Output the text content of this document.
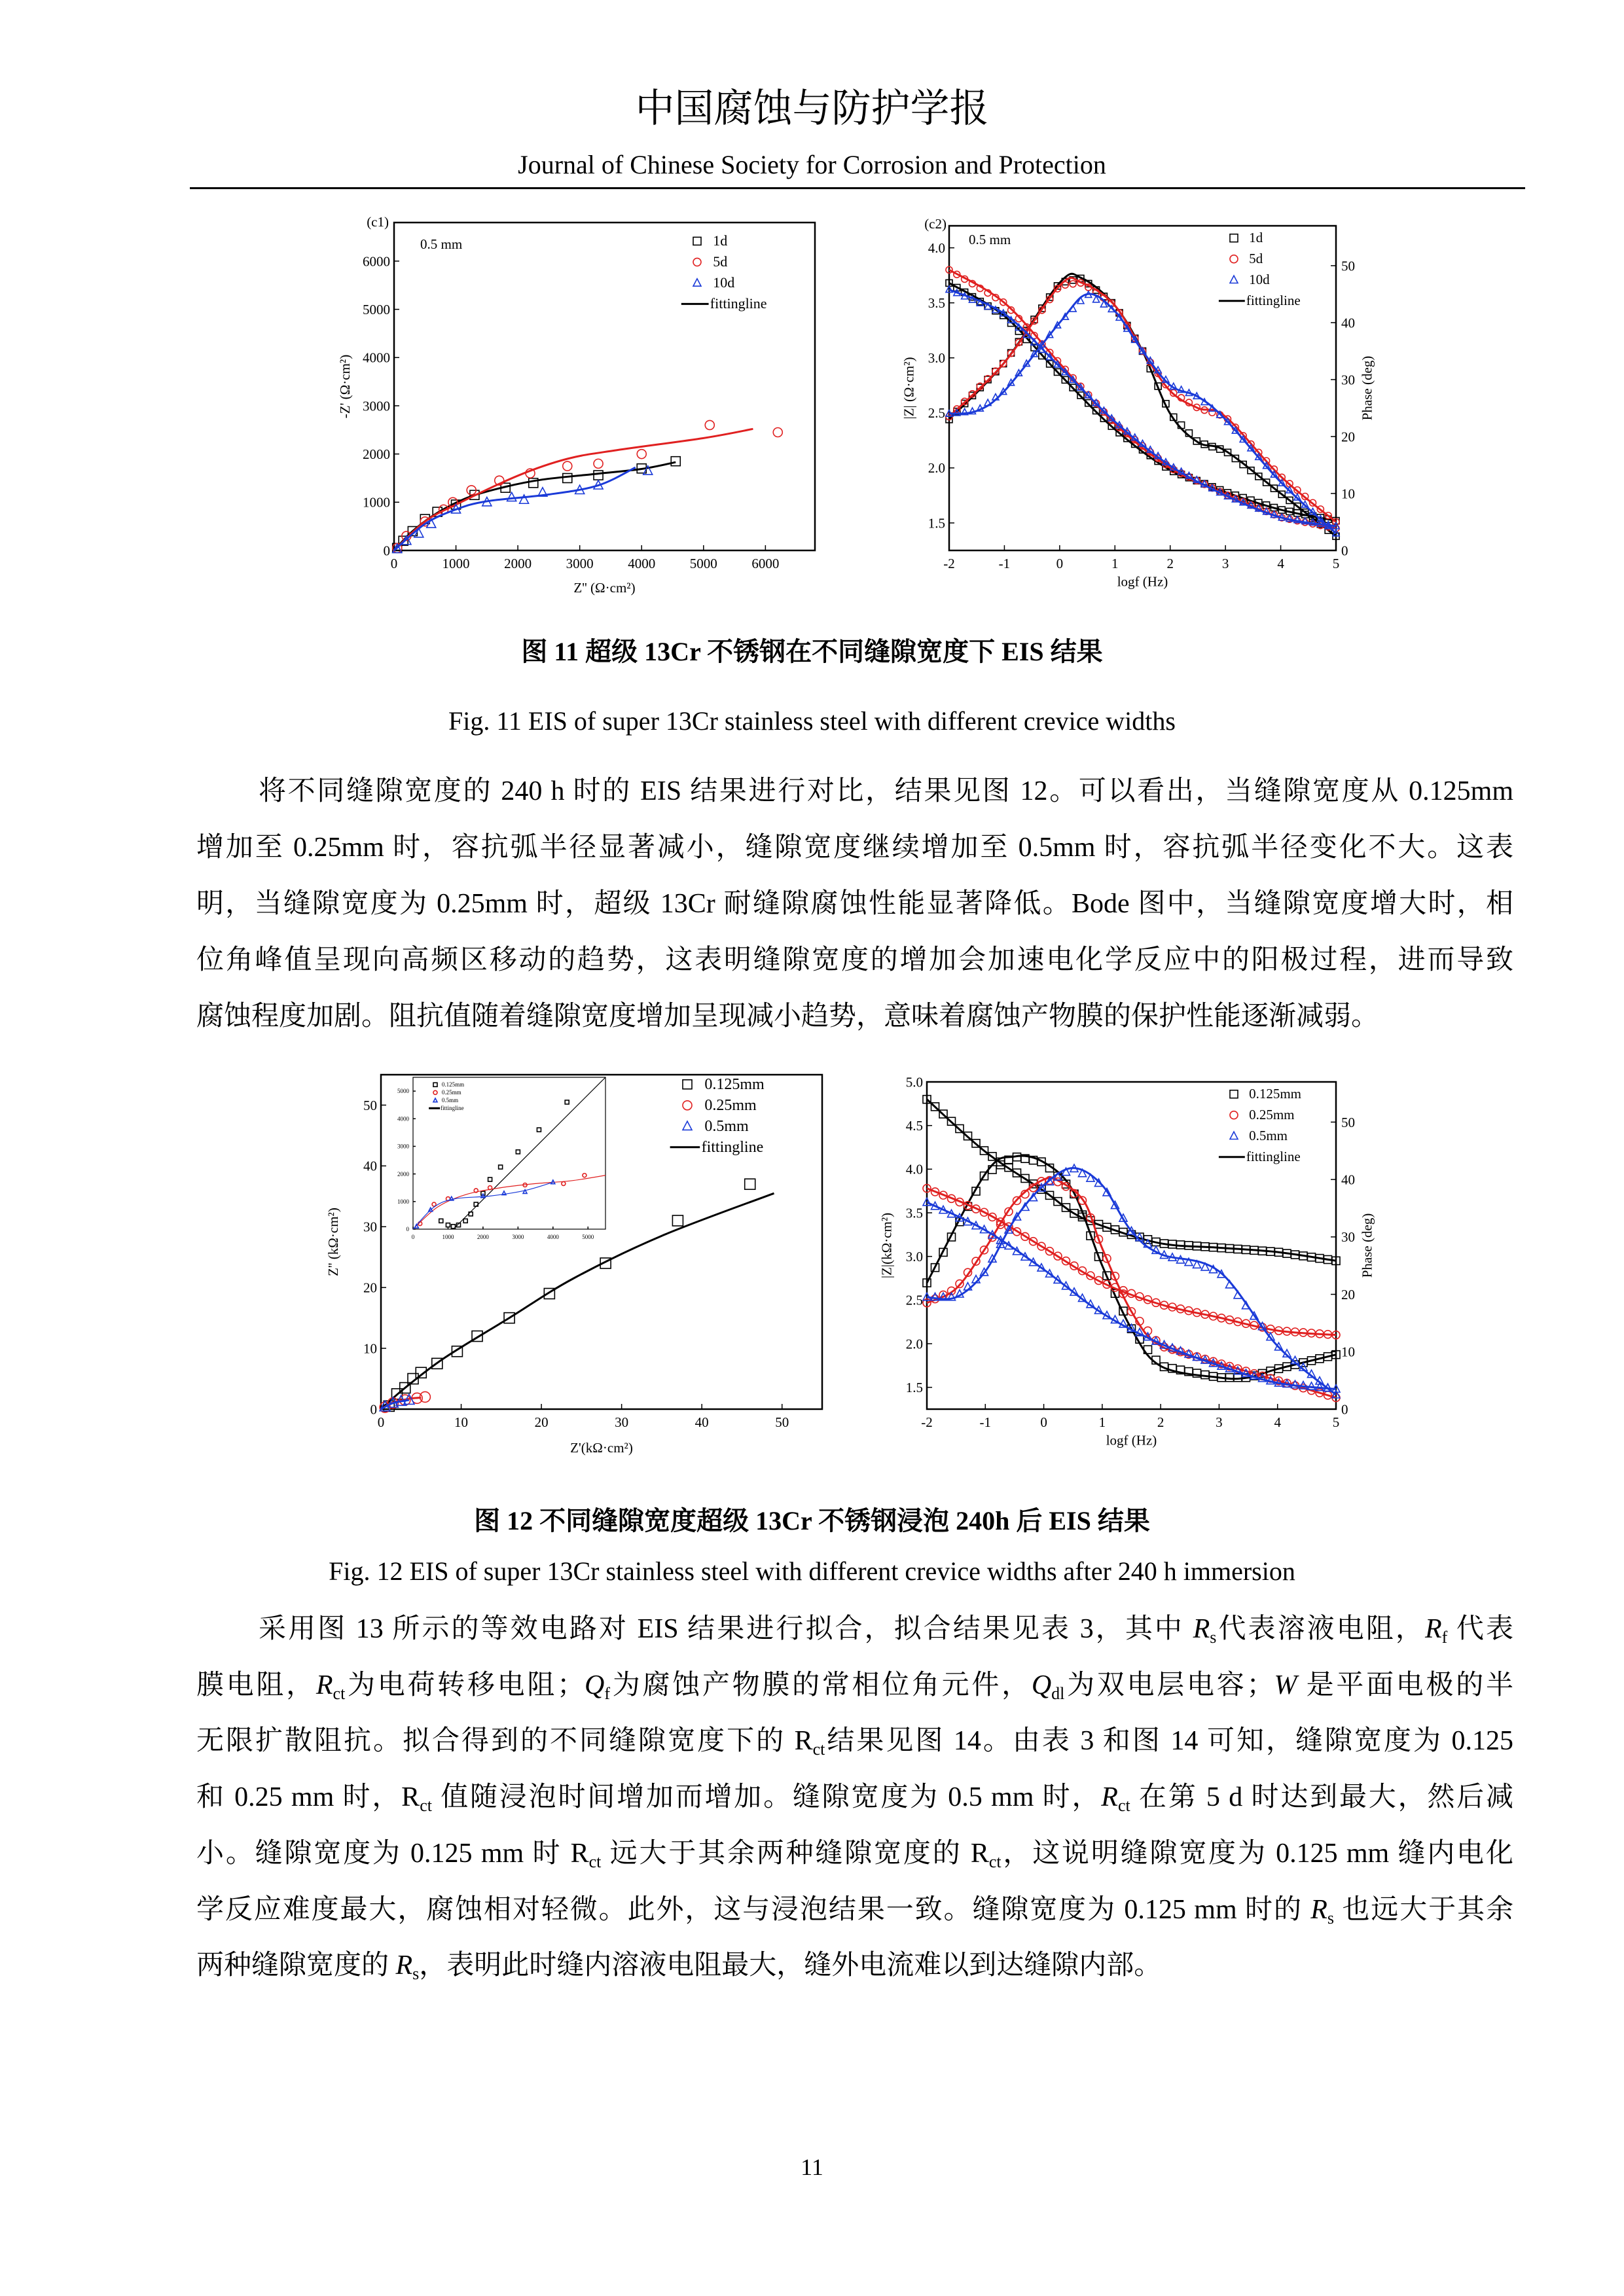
中国腐蚀与防护学报
Journal of Chinese Society for Corrosion and Protection
0	1000	2000	3000	4000	5000	6000
0
1000
2000
3000
4000
5000
6000
(c1)
0.5 mm
Z'' (Ω·cm²)
-Z' (Ω·cm²)
1d
5d
10d
fittingline
-2	-1	0	1	2	3	4	5
1.5
2.0
2.5
3.0
3.5
4.0
0
10
20
30
40
50
logf (Hz)
|Z| (Ω·cm²)	Phase (deg)
(c2)
0.5 mm	1d
5d
10d
fittingline
图 11 超级 13Cr 不锈钢在不同缝隙宽度下 EIS 结果
Fig. 11 EIS of super 13Cr stainless steel with different crevice widths
将不同缝隙宽度的 240 h 时的 EIS 结果进行对比，结果见图 12。可以看出，当缝隙宽度从 0.125mm
增加至 0.25mm 时，容抗弧半径显著减小，缝隙宽度继续增加至 0.5mm 时，容抗弧半径变化不大。这表
明，当缝隙宽度为 0.25mm 时，超级 13Cr 耐缝隙腐蚀性能显著降低。Bode 图中，当缝隙宽度增大时，相
位角峰值呈现向高频区移动的趋势，这表明缝隙宽度的增加会加速电化学反应中的阳极过程，进而导致
腐蚀程度加剧。阻抗值随着缝隙宽度增加呈现减小趋势，意味着腐蚀产物膜的保护性能逐渐减弱。
0	10	20	30	40	50
0
10
20
30
40
50
Z'(kΩ·cm²)
Z'' (kΩ·cm²)
0.125mm
0.25mm
0.5mm
fittingline
0	1000	2000	3000	4000	5000
0
1000
2000
3000
4000
5000
0.125mm
0.25mm
0.5mm
fittingline
-2	-1	0	1	2	3	4	5
1.5
2.0
2.5
3.0
3.5
4.0
4.5
5.0
0
10
20
30
40
50
logf (Hz)
|Z|(kΩ·cm²)	Phase (deg)
0.125mm
0.25mm
0.5mm
fittingline
图 12 不同缝隙宽度超级 13Cr 不锈钢浸泡 240h 后 EIS 结果
Fig. 12 EIS of super 13Cr stainless steel with different crevice widths after 240 h immersion
采用图 13 所示的等效电路对 EIS 结果进行拟合，拟合结果见表 3，其中 $R_s$代表溶液电阻，$R_f$ 代表
膜电阻，$R_{ct}$为电荷转移电阻；$Q_f$为腐蚀产物膜的常相位角元件，$Q_{dl}$为双电层电容；W 是平面电极的半
无限扩散阻抗。拟合得到的不同缝隙宽度下的 $R_{ct}$结果见图 14。由表 3 和图 14 可知，缝隙宽度为 0.125
和 0.25 mm 时，$R_{ct}$ 值随浸泡时间增加而增加。缝隙宽度为 0.5 mm 时，$R_{ct}$ 在第 5 d 时达到最大，然后减
小。缝隙宽度为 0.125 mm 时 $R_{ct}$ 远大于其余两种缝隙宽度的 $R_{ct}$，这说明缝隙宽度为 0.125 mm 缝内电化
学反应难度最大，腐蚀相对轻微。此外，这与浸泡结果一致。缝隙宽度为 0.125 mm 时的 $R_s$ 也远大于其余
两种缝隙宽度的 $R_s$，表明此时缝内溶液电阻最大，缝外电流难以到达缝隙内部。
11
